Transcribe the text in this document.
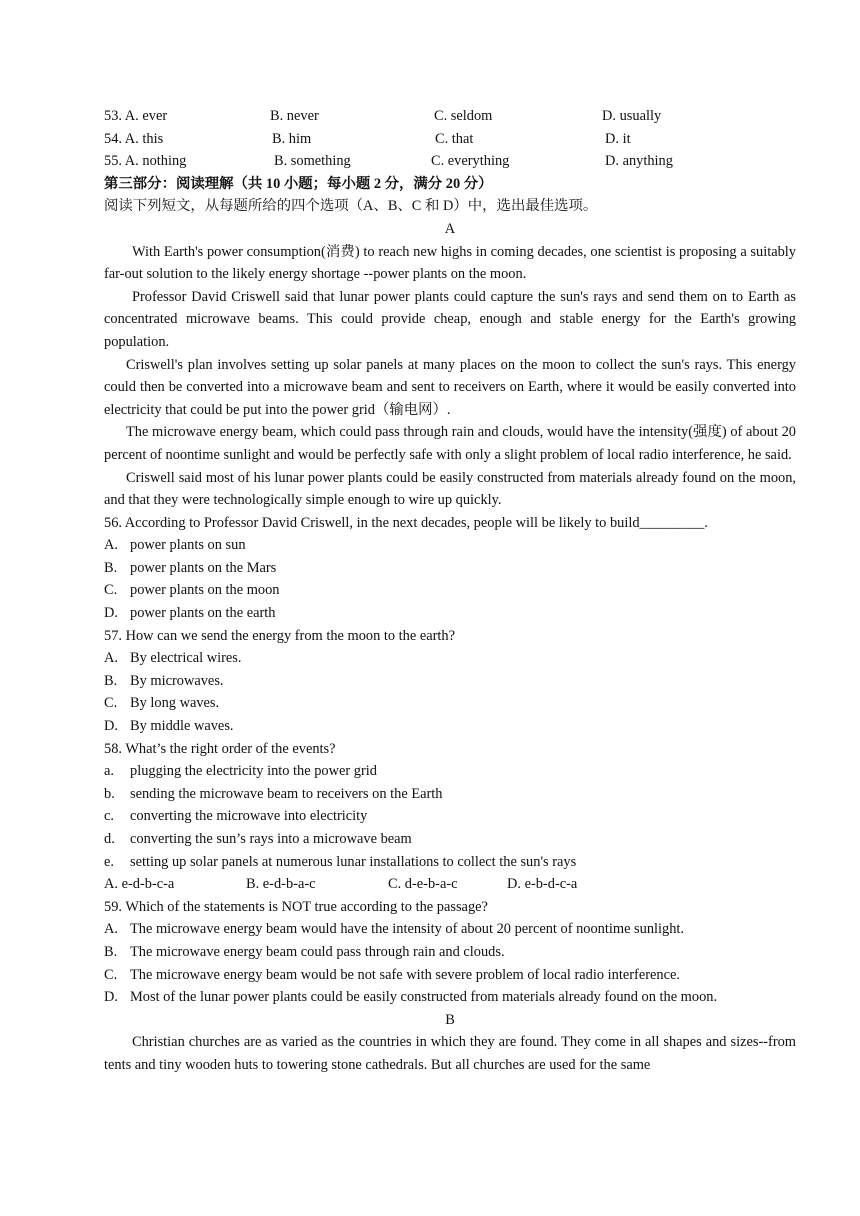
53. A. ever	B. never	C. seldom	D. usually
54. A. this	B. him	C. that	D. it
55. A. nothing	B. something	C. everything	D. anything
第三部分：阅读理解（共 10 小题；每小题 2 分，满分 20 分）
阅读下列短文，从每题所给的四个选项（A、B、C 和 D）中，选出最佳选项。
A
With Earth's power consumption(消费) to reach new highs in coming decades, one scientist is proposing a suitably far-out solution to the likely energy shortage --power plants on the moon.
Professor David Criswell said that lunar power plants could capture the sun's rays and send them on to Earth as concentrated microwave beams. This could provide cheap, enough and stable energy for the Earth's growing population.
Criswell's plan involves setting up solar panels at many places on the moon to collect the sun's rays. This energy could then be converted into a microwave beam and sent to receivers on Earth, where it would be easily converted into electricity that could be put into the power grid（输电网）.
The microwave energy beam, which could pass through rain and clouds, would have the intensity(强度) of about 20 percent of noontime sunlight and would be perfectly safe with only a slight problem of local radio interference, he said.
Criswell said most of his lunar power plants could be easily constructed from materials already found on the moon, and that they were technologically simple enough to wire up quickly.
56. According to Professor David Criswell, in the next decades, people will be likely to build_________.
A. power plants on sun
B. power plants on the Mars
C. power plants on the moon
D. power plants on the earth
57. How can we send the energy from the moon to the earth?
A. By electrical wires.
B. By microwaves.
C. By long waves.
D. By middle waves.
58. What’s the right order of the events?
a. plugging the electricity into the power grid
b. sending the microwave beam to receivers on the Earth
c. converting the microwave into electricity
d. converting the sun’s rays into a microwave beam
e. setting up solar panels at numerous lunar installations to collect the sun's rays
A. e-d-b-c-a	B. e-d-b-a-c	C. d-e-b-a-c	D. e-b-d-c-a
59. Which of the statements is NOT true according to the passage?
A. The microwave energy beam would have the intensity of about 20 percent of noontime sunlight.
B. The microwave energy beam could pass through rain and clouds.
C. The microwave energy beam would be not safe with severe problem of local radio interference.
D. Most of the lunar power plants could be easily constructed from materials already found on the moon.
B
Christian churches are as varied as the countries in which they are found. They come in all shapes and sizes--from tents and tiny wooden huts to towering stone cathedrals. But all churches are used for the same
